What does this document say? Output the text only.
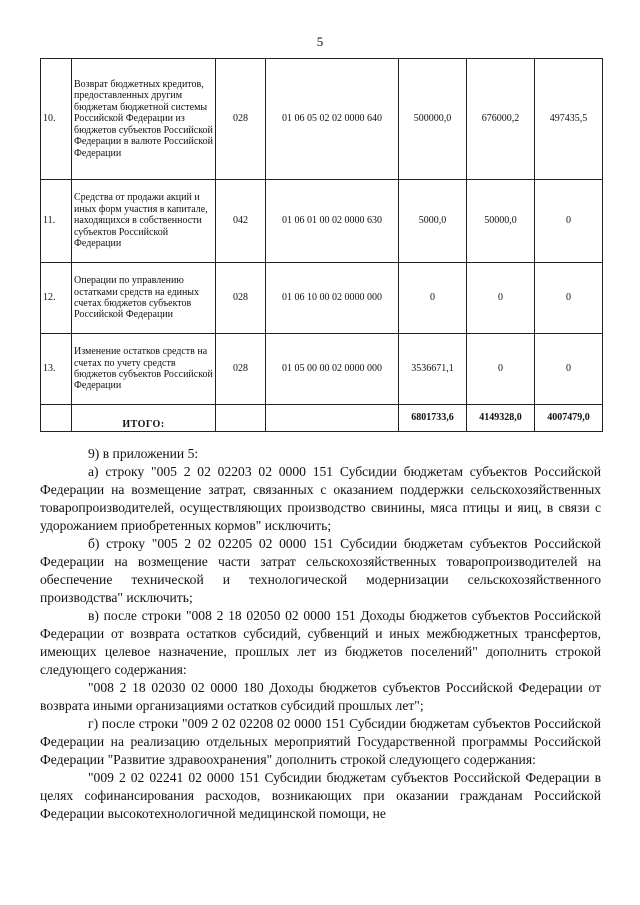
5
10.	Возврат бюджетных кредитов, предоставленных другим бюджетам бюджетной системы Российской Федерации из бюджетов субъектов Российской Федерации в валюте Российской Федерации	028	01 06 05 02 02 0000 640	500000,0	676000,2	497435,5
11.	Средства от продажи акций и иных форм участия в капитале, находящихся в собственности субъектов Российской Федерации	042	01 06 01 00 02 0000 630	5000,0	50000,0	0
12.	Операции по управлению остатками средств на единых счетах бюджетов субъектов Российской Федерации	028	01 06 10 00 02 0000 000	0	0	0
13.	Изменение остатков средств на счетах по учету средств бюджетов субъектов Российской Федерации	028	01 05 00 00 02 0000 000	3536671,1	0	0
	ИТОГО:			6801733,6	4149328,0	4007479,0

9) в приложении 5:

а) строку "005 2 02 02203 02 0000 151 Субсидии бюджетам субъектов Российской Федерации на возмещение затрат, связанных с оказанием поддержки сельскохозяйственных товаропроизводителей, осуществляющих производство свинины, мяса птицы и яиц, в связи с удорожанием приобретенных кормов" исключить;

б) строку "005 2 02 02205 02 0000 151 Субсидии бюджетам субъектов Российской Федерации на возмещение части затрат сельскохозяйственных товаропроизводителей на обеспечение технической и технологической модернизации сельскохозяйственного производства" исключить;

в) после строки "008 2 18 02050 02 0000 151 Доходы бюджетов субъектов Российской Федерации от возврата остатков субсидий, субвенций и иных межбюджетных трансфертов, имеющих целевое назначение, прошлых лет из бюджетов поселений" дополнить строкой следующего содержания:

"008 2 18 02030 02 0000 180 Доходы бюджетов субъектов Российской Федерации от возврата иными организациями остатков субсидий прошлых лет";

г) после строки "009 2 02 02208 02 0000 151 Субсидии бюджетам субъектов Российской Федерации на реализацию отдельных мероприятий Государственной программы Российской Федерации "Развитие здравоохранения" дополнить строкой следующего содержания:

"009 2 02 02241 02 0000 151 Субсидии бюджетам субъектов Российской Федерации в целях софинансирования расходов, возникающих при оказании гражданам Российской Федерации высокотехнологичной медицинской помощи, не
